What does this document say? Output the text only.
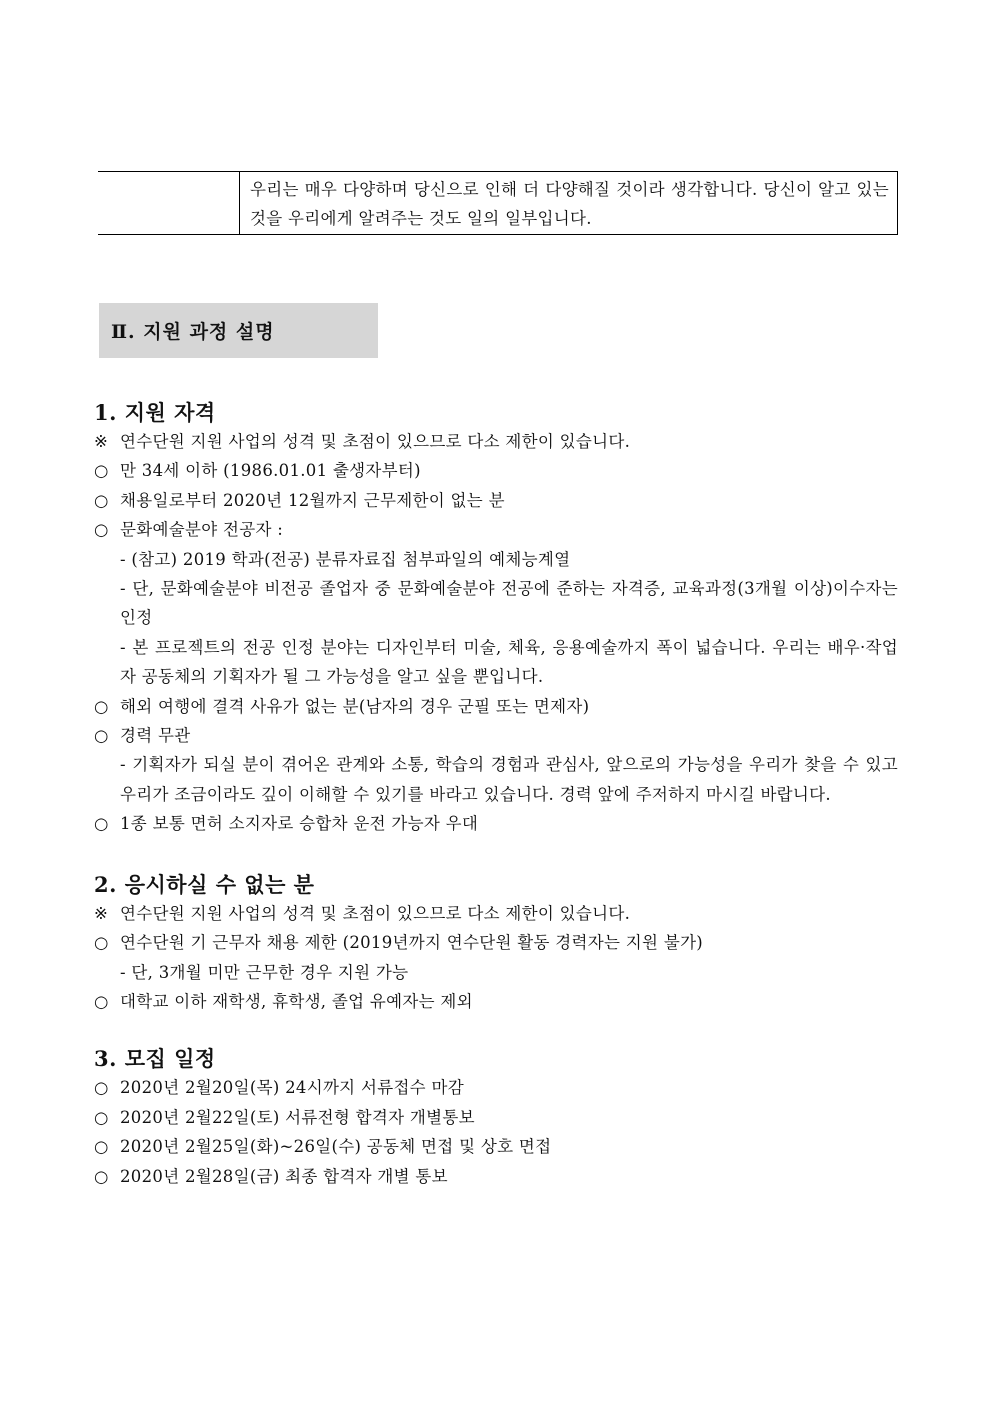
우리는 매우 다양하며 당신으로 인해 더 다양해질 것이라 생각합니다. 당신이 알고 있는 것을 우리에게 알려주는 것도 일의 일부입니다.
Ⅱ. 지원 과정 설명
1. 지원 자격
※ 연수단원 지원 사업의 성격 및 초점이 있으므로 다소 제한이 있습니다.
○ 만 34세 이하 (1986.01.01 출생자부터)
○ 채용일로부터 2020년 12월까지 근무제한이 없는 분
○ 문화예술분야 전공자 :
- (참고) 2019 학과(전공) 분류자료집 첨부파일의 예체능계열
- 단, 문화예술분야 비전공 졸업자 중 문화예술분야 전공에 준하는 자격증, 교육과정(3개월 이상)이수자는 인정
- 본 프로젝트의 전공 인정 분야는 디자인부터 미술, 체육, 응용예술까지 폭이 넓습니다. 우리는 배우·작업자 공동체의 기획자가 될 그 가능성을 알고 싶을 뿐입니다.
○ 해외 여행에 결격 사유가 없는 분(남자의 경우 군필 또는 면제자)
○ 경력 무관
- 기획자가 되실 분이 겪어온 관계와 소통, 학습의 경험과 관심사, 앞으로의 가능성을 우리가 찾을 수 있고 우리가 조금이라도 깊이 이해할 수 있기를 바라고 있습니다. 경력 앞에 주저하지 마시길 바랍니다.
○ 1종 보통 면허 소지자로 승합차 운전 가능자 우대
2. 응시하실 수 없는 분
※ 연수단원 지원 사업의 성격 및 초점이 있으므로 다소 제한이 있습니다.
○ 연수단원 기 근무자 채용 제한 (2019년까지 연수단원 활동 경력자는 지원 불가)
- 단, 3개월 미만 근무한 경우 지원 가능
○ 대학교 이하 재학생, 휴학생, 졸업 유예자는 제외
3. 모집 일정
○ 2020년 2월20일(목) 24시까지 서류접수 마감
○ 2020년 2월22일(토) 서류전형 합격자 개별통보
○ 2020년 2월25일(화)~26일(수) 공동체 면접 및 상호 면접
○ 2020년 2월28일(금) 최종 합격자 개별 통보
